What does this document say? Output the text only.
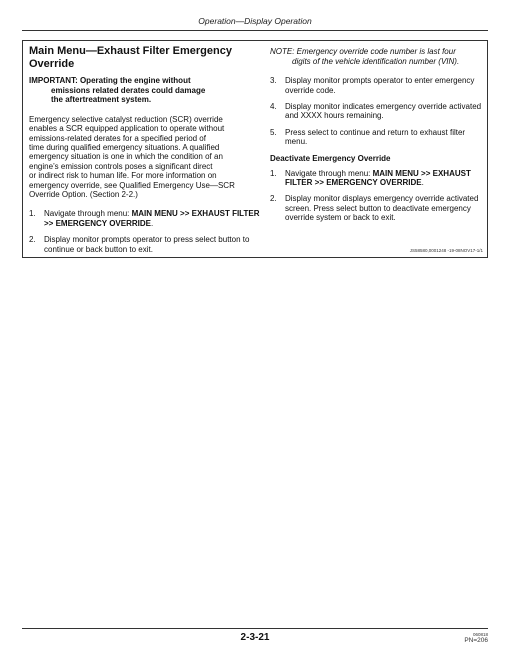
Operation—Display Operation
Main Menu—Exhaust Filter Emergency
Override
IMPORTANT: Operating the engine without
emissions related derates could damage
the aftertreatment system.

Emergency selective catalyst reduction (SCR) override
enables a SCR equipped application to operate without
emissions-related derates for a specified period of
time during qualified emergency situations. A qualified
emergency situation is one in which the condition of an
engine’s emission controls poses a significant direct
or indirect risk to human life. For more information on
emergency override, see Qualified Emergency Use—SCR
Override Option. (Section 2-2.)

1. Navigate through menu: MAIN MENU >> EXHAUST FILTER >> EMERGENCY OVERRIDE.
2. Display monitor prompts operator to press select button to continue or back button to exit.
NOTE: Emergency override code number is last four
digits of the vehicle identification number (VIN).
3. Display monitor prompts operator to enter emergency override code.
4. Display monitor indicates emergency override activated and XXXX hours remaining.
5. Press select to continue and return to exhaust filter menu.
Deactivate Emergency Override
1. Navigate through menu: MAIN MENU >> EXHAUST FILTER >> EMERGENCY OVERRIDE.
2. Display monitor displays emergency override activated screen. Press select button to deactivate emergency override system or back to exit.
JS58580,0001248 -19-08NOV17-1/1
2-3-21	060818
PN=206
